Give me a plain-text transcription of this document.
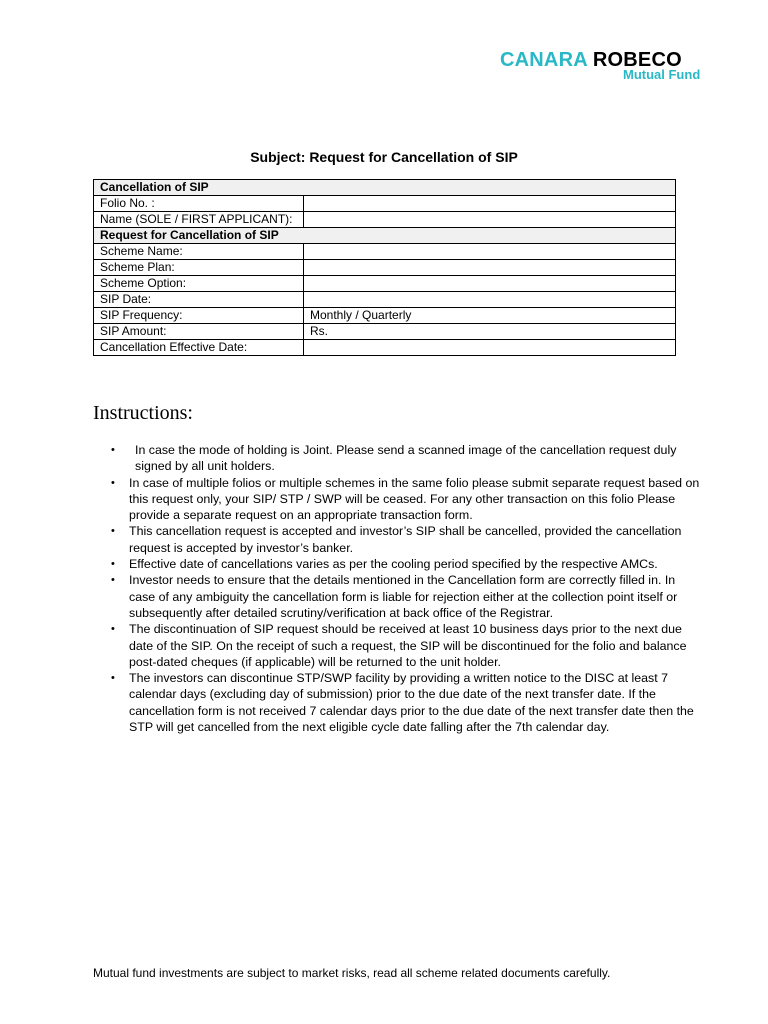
CANARA ROBECO
Mutual Fund
Subject: Request for Cancellation of SIP
Cancellation of SIP	
Folio No. :	
Name (SOLE / FIRST APPLICANT):	
Request for Cancellation of SIP	
Scheme Name:	
Scheme Plan:	
Scheme Option:	
SIP Date:	
SIP Frequency:	Monthly / Quarterly
SIP Amount:	Rs.
Cancellation Effective Date:	
Instructions:
• In case the mode of holding is Joint. Please send a scanned image of the cancellation request duly signed by all unit holders.
• In case of multiple folios or multiple schemes in the same folio please submit separate request based on this request only, your SIP/ STP / SWP will be ceased. For any other transaction on this folio Please provide a separate request on an appropriate transaction form.
• This cancellation request is accepted and investor’s SIP shall be cancelled, provided the cancellation request is accepted by investor’s banker.
• Effective date of cancellations varies as per the cooling period specified by the respective AMCs.
• Investor needs to ensure that the details mentioned in the Cancellation form are correctly filled in. In case of any ambiguity the cancellation form is liable for rejection either at the collection point itself or subsequently after detailed scrutiny/verification at back office of the Registrar.
• The discontinuation of SIP request should be received at least 10 business days prior to the next due date of the SIP. On the receipt of such a request, the SIP will be discontinued for the folio and balance post-dated cheques (if applicable) will be returned to the unit holder.
• The investors can discontinue STP/SWP facility by providing a written notice to the DISC at least 7 calendar days (excluding day of submission) prior to the due date of the next transfer date. If the cancellation form is not received 7 calendar days prior to the due date of the next transfer date then the STP will get cancelled from the next eligible cycle date falling after the 7th calendar day.
Mutual fund investments are subject to market risks, read all scheme related documents carefully.
